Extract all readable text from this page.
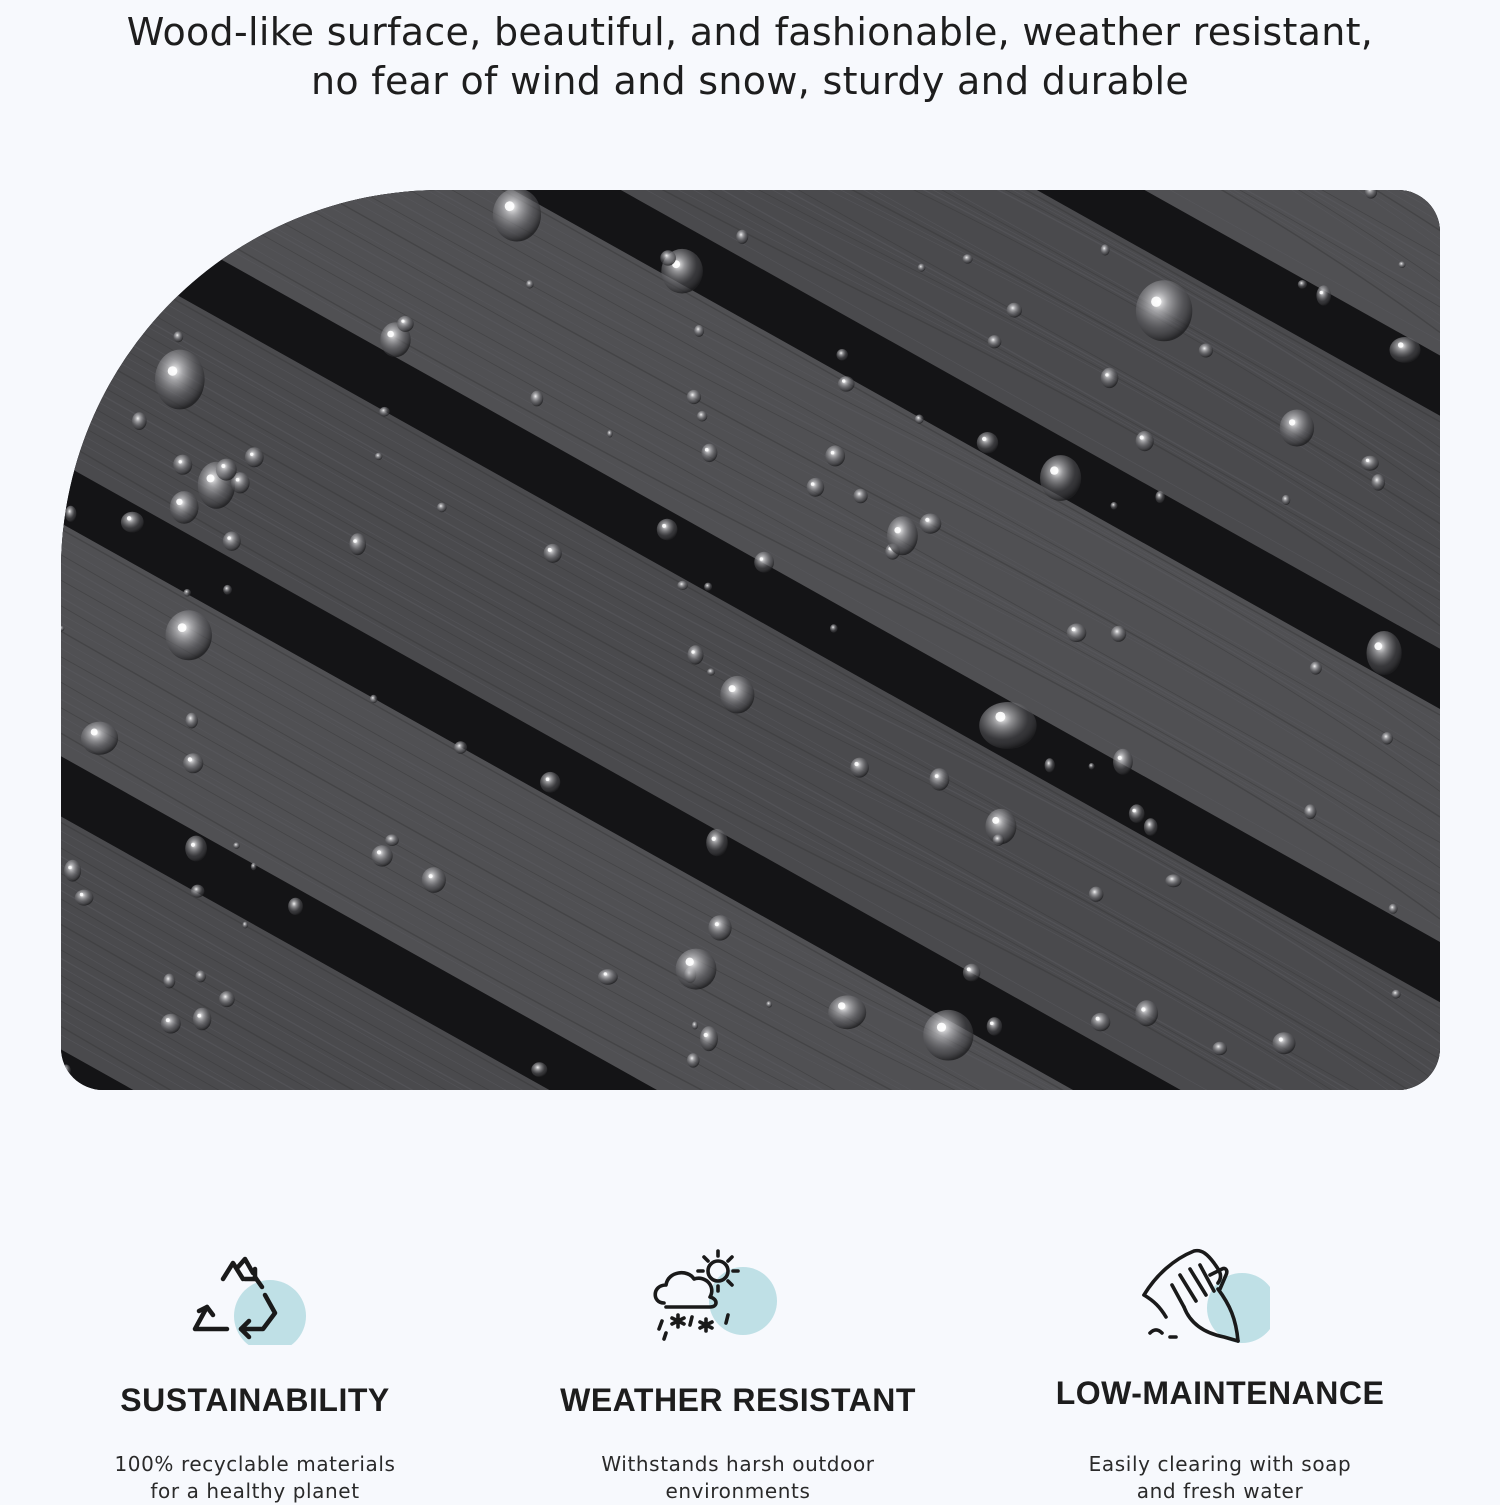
Wood-like surface, beautiful, and fashionable, weather resistant,
no fear of wind and snow, sturdy and durable
SUSTAINABILITY
100% recyclable materials
for a healthy planet
WEATHER RESISTANT
Withstands harsh outdoor
environments
LOW-MAINTENANCE
Easily clearing with soap
and fresh water
